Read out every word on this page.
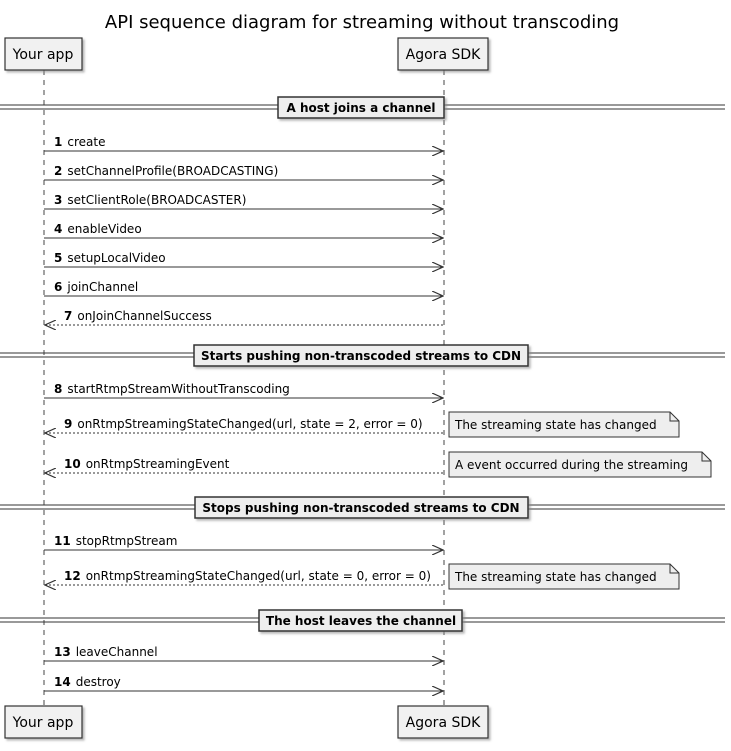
API sequence diagram for streaming without transcoding
Your app	Agora SDK
Your app	Agora SDK
A host joins a channel
Starts pushing non-transcoded streams to CDN
Stops pushing non-transcoded streams to CDN
The host leaves the channel
1 create
2 setChannelProfile(BROADCASTING)
3 setClientRole(BROADCASTER)
4 enableVideo
5 setupLocalVideo
6 joinChannel
7 onJoinChannelSuccess
8 startRtmpStreamWithoutTranscoding
9 onRtmpStreamingStateChanged(url, state = 2, error = 0)
10 onRtmpStreamingEvent
11 stopRtmpStream
12 onRtmpStreamingStateChanged(url, state = 0, error = 0)
13 leaveChannel
14 destroy
The streaming state has changed
A event occurred during the streaming
The streaming state has changed
